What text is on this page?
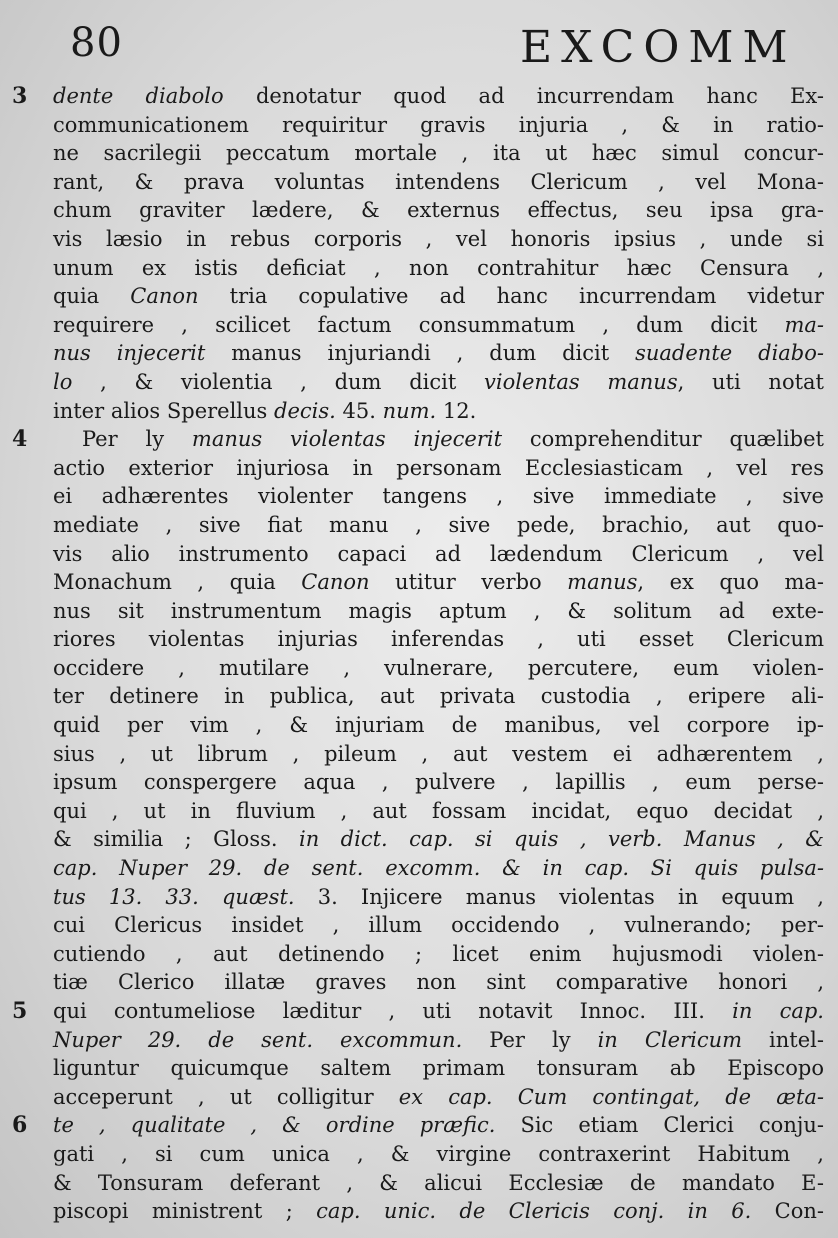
80	EXCOMM
3 dente diabolo denotatur quod ad incurrendam hanc Ex-
communicationem requiritur gravis injuria , & in ratio-
ne sacrilegii peccatum mortale , ita ut hæc simul concur-
rant, & prava voluntas intendens Clericum , vel Mona-
chum graviter lædere, & externus effectus, seu ipsa gra-
vis læsio in rebus corporis , vel honoris ipsius , unde si
unum ex istis deficiat , non contrahitur hæc Censura ,
quia Canon tria copulative ad hanc incurrendam videtur
requirere , scilicet factum consummatum , dum dicit ma-
nus injecerit manus injuriandi , dum dicit suadente diabo-
lo , & violentia , dum dicit violentas manus, uti notat
inter alios Sperellus decis. 45. num. 12.
4	Per ly manus violentas injecerit comprehenditur quælibet
actio exterior injuriosa in personam Ecclesiasticam , vel res
ei adhærentes violenter tangens , sive immediate , sive
mediate , sive fiat manu , sive pede, brachio, aut quo-
vis alio instrumento capaci ad lædendum Clericum , vel
Monachum , quia Canon utitur verbo manus, ex quo ma-
nus sit instrumentum magis aptum , & solitum ad exte-
riores violentas injurias inferendas , uti esset Clericum
occidere , mutilare , vulnerare, percutere, eum violen-
ter detinere in publica, aut privata custodia , eripere ali-
quid per vim , & injuriam de manibus, vel corpore ip-
sius , ut librum , pileum , aut vestem ei adhærentem ,
ipsum conspergere aqua , pulvere , lapillis , eum perse-
qui , ut in fluvium , aut fossam incidat, equo decidat ,
& similia ; Gloss. in dict. cap. si quis , verb. Manus , &
cap. Nuper 29. de sent. excomm. & in cap. Si quis pulsa-
tus 13. 33. quæst. 3. Injicere manus violentas in equum ,
cui Clericus insidet , illum occidendo , vulnerando; per-
cutiendo , aut detinendo ; licet enim hujusmodi violen-
tiæ Clerico illatæ graves non sint comparative honori ,
5 qui contumeliose læditur , uti notavit Innoc. III. in cap.
Nuper 29. de sent. excommun. Per ly in Clericum intel-
liguntur quicumque saltem primam tonsuram ab Episcopo
acceperunt , ut colligitur ex cap. Cum contingat, de æta-
6 te , qualitate , & ordine præfic. Sic etiam Clerici conju-
gati , si cum unica , & virgine contraxerint Habitum ,
& Tonsuram deferant , & alicui Ecclesiæ de mandato E-
piscopi ministrent ; cap. unic. de Clericis conj. in 6. Con-
